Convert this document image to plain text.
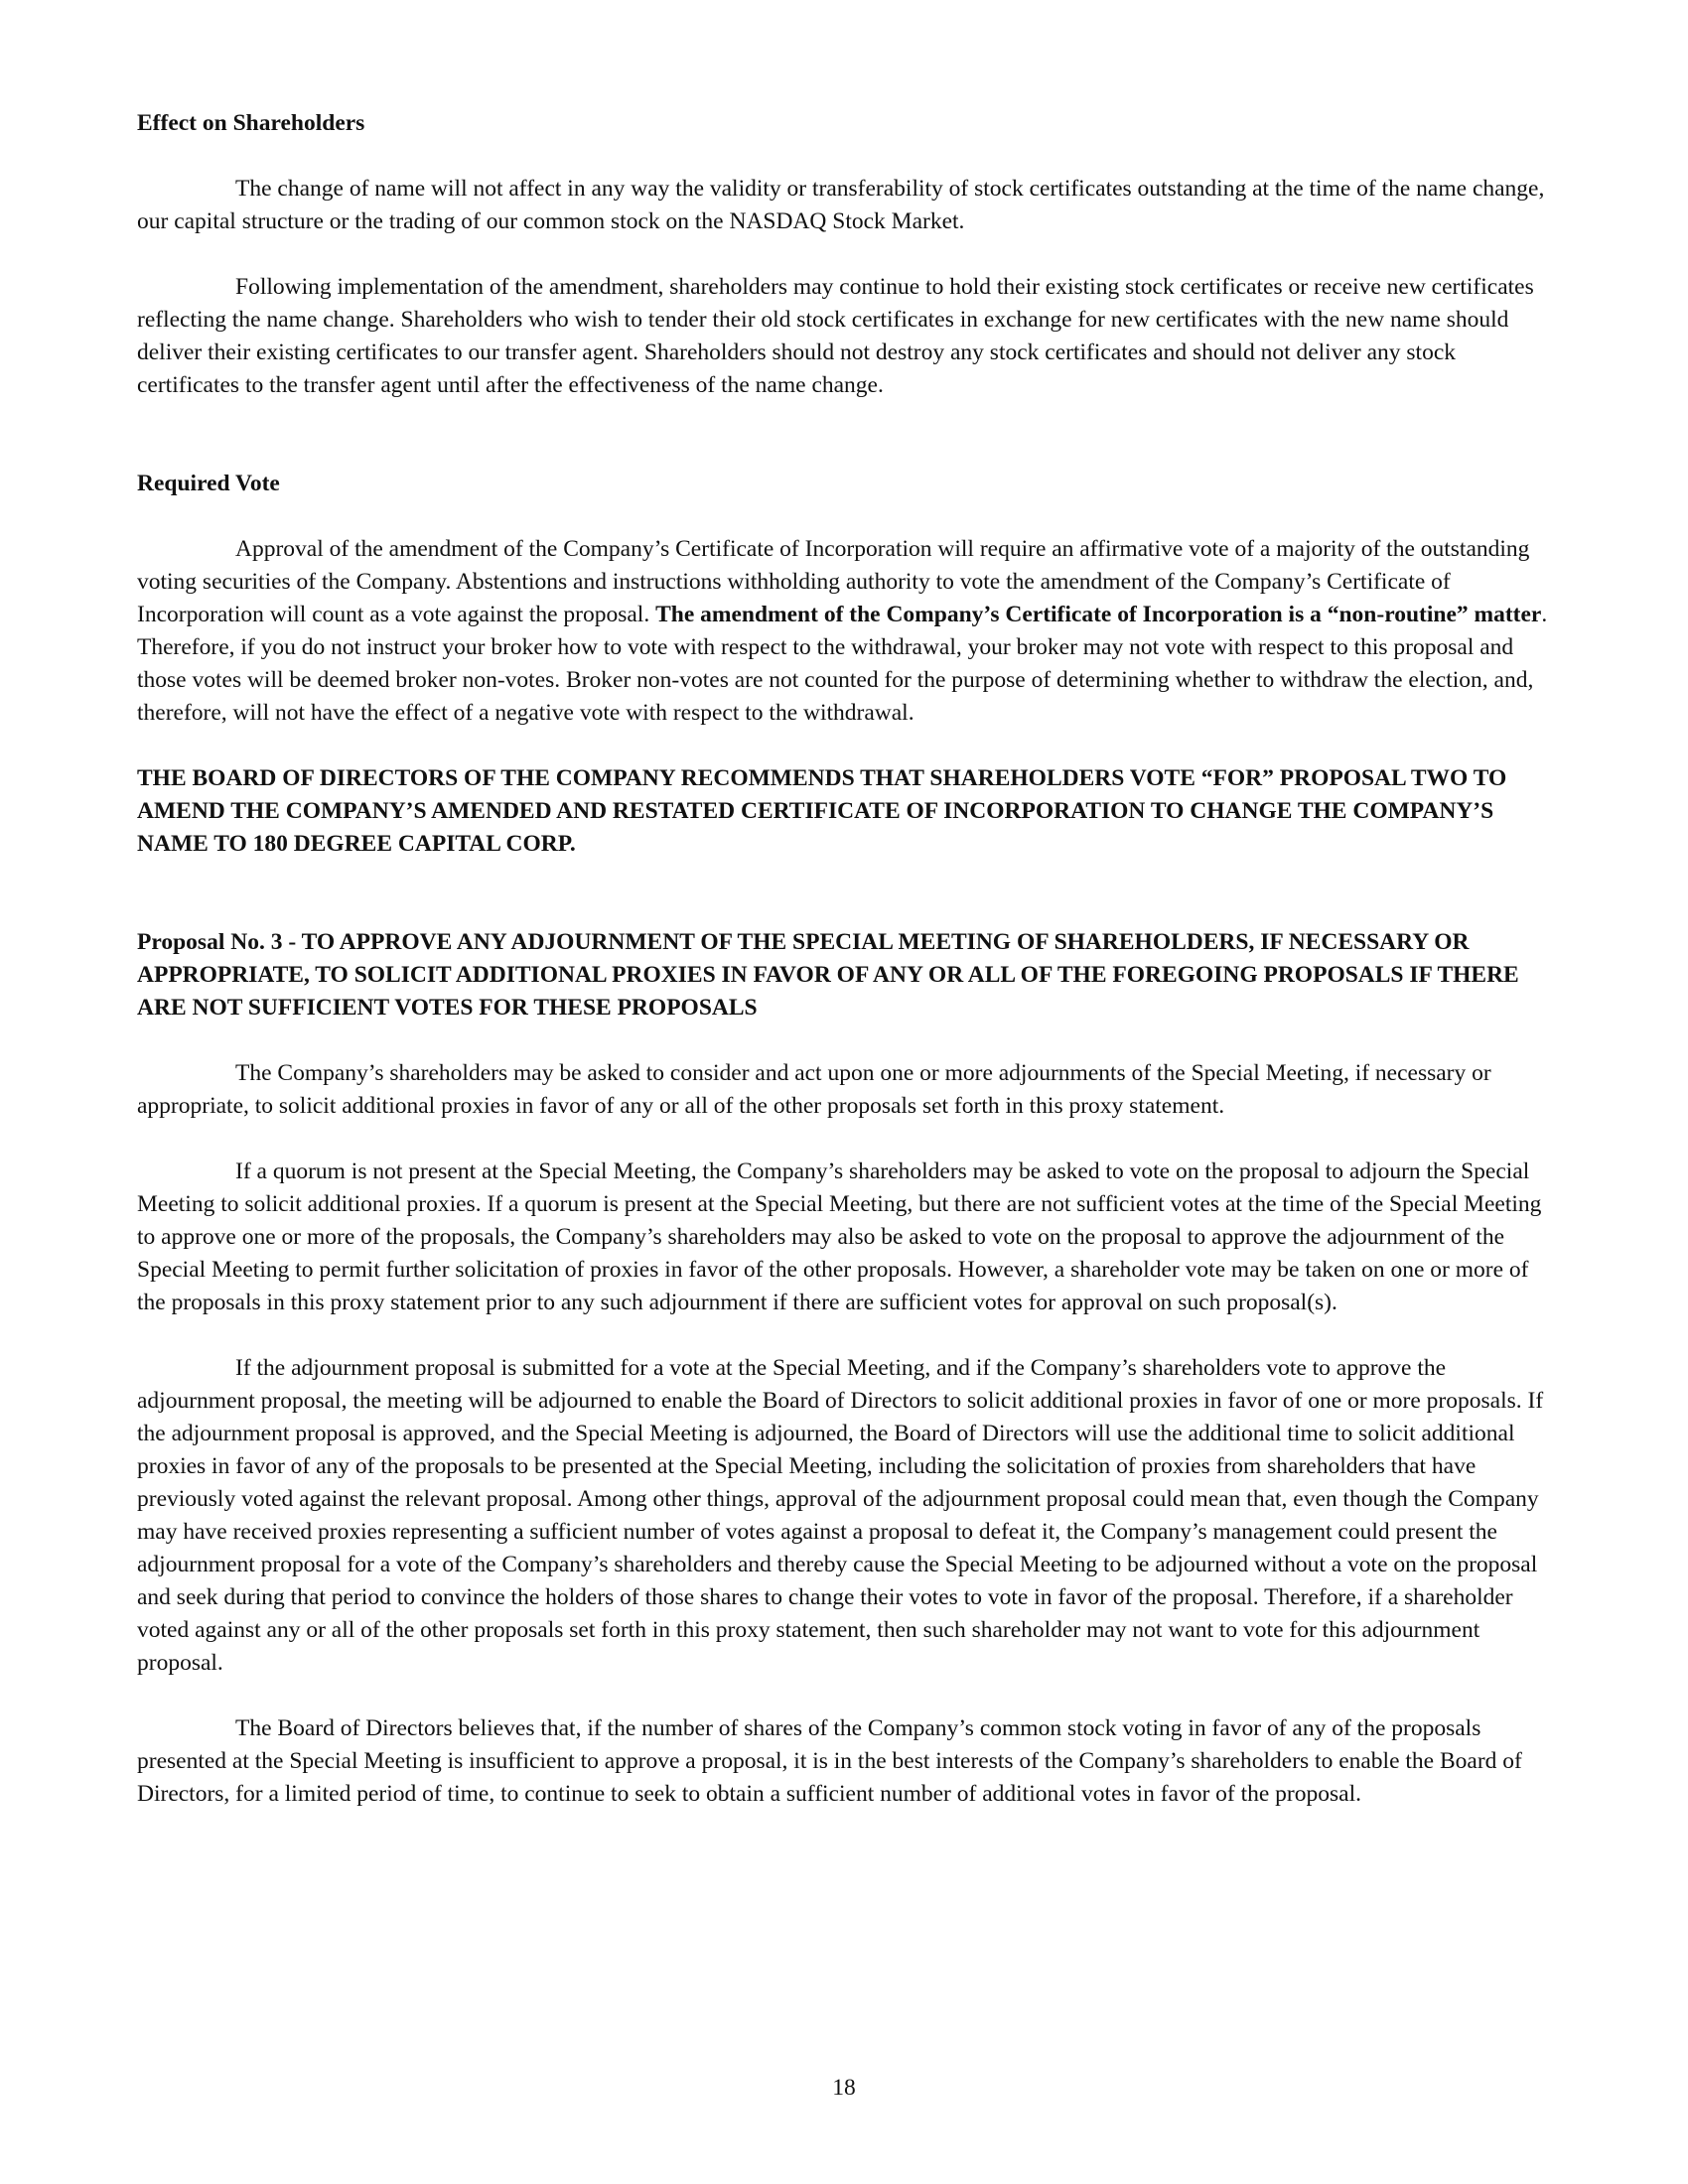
Effect on Shareholders

The change of name will not affect in any way the validity or transferability of stock certificates outstanding at the time of the name change, our capital structure or the trading of our common stock on the NASDAQ Stock Market.

Following implementation of the amendment, shareholders may continue to hold their existing stock certificates or receive new certificates reflecting the name change. Shareholders who wish to tender their old stock certificates in exchange for new certificates with the new name should deliver their existing certificates to our transfer agent. Shareholders should not destroy any stock certificates and should not deliver any stock certificates to the transfer agent until after the effectiveness of the name change.

Required Vote

Approval of the amendment of the Company’s Certificate of Incorporation will require an affirmative vote of a majority of the outstanding voting securities of the Company. Abstentions and instructions withholding authority to vote the amendment of the Company’s Certificate of Incorporation will count as a vote against the proposal. The amendment of the Company’s Certificate of Incorporation is a “non-routine” matter. Therefore, if you do not instruct your broker how to vote with respect to the withdrawal, your broker may not vote with respect to this proposal and those votes will be deemed broker non-votes. Broker non-votes are not counted for the purpose of determining whether to withdraw the election, and, therefore, will not have the effect of a negative vote with respect to the withdrawal.

THE BOARD OF DIRECTORS OF THE COMPANY RECOMMENDS THAT SHAREHOLDERS VOTE “FOR” PROPOSAL TWO TO AMEND THE COMPANY’S AMENDED AND RESTATED CERTIFICATE OF INCORPORATION TO CHANGE THE COMPANY’S NAME TO 180 DEGREE CAPITAL CORP.

Proposal No. 3 - TO APPROVE ANY ADJOURNMENT OF THE SPECIAL MEETING OF SHAREHOLDERS, IF NECESSARY OR APPROPRIATE, TO SOLICIT ADDITIONAL PROXIES IN FAVOR OF ANY OR ALL OF THE FOREGOING PROPOSALS IF THERE ARE NOT SUFFICIENT VOTES FOR THESE PROPOSALS

The Company’s shareholders may be asked to consider and act upon one or more adjournments of the Special Meeting, if necessary or appropriate, to solicit additional proxies in favor of any or all of the other proposals set forth in this proxy statement.

If a quorum is not present at the Special Meeting, the Company’s shareholders may be asked to vote on the proposal to adjourn the Special Meeting to solicit additional proxies. If a quorum is present at the Special Meeting, but there are not sufficient votes at the time of the Special Meeting to approve one or more of the proposals, the Company’s shareholders may also be asked to vote on the proposal to approve the adjournment of the Special Meeting to permit further solicitation of proxies in favor of the other proposals. However, a shareholder vote may be taken on one or more of the proposals in this proxy statement prior to any such adjournment if there are sufficient votes for approval on such proposal(s).

If the adjournment proposal is submitted for a vote at the Special Meeting, and if the Company’s shareholders vote to approve the adjournment proposal, the meeting will be adjourned to enable the Board of Directors to solicit additional proxies in favor of one or more proposals. If the adjournment proposal is approved, and the Special Meeting is adjourned, the Board of Directors will use the additional time to solicit additional proxies in favor of any of the proposals to be presented at the Special Meeting, including the solicitation of proxies from shareholders that have previously voted against the relevant proposal. Among other things, approval of the adjournment proposal could mean that, even though the Company may have received proxies representing a sufficient number of votes against a proposal to defeat it, the Company’s management could present the adjournment proposal for a vote of the Company’s shareholders and thereby cause the Special Meeting to be adjourned without a vote on the proposal and seek during that period to convince the holders of those shares to change their votes to vote in favor of the proposal. Therefore, if a shareholder voted against any or all of the other proposals set forth in this proxy statement, then such shareholder may not want to vote for this adjournment proposal.

The Board of Directors believes that, if the number of shares of the Company’s common stock voting in favor of any of the proposals presented at the Special Meeting is insufficient to approve a proposal, it is in the best interests of the Company’s shareholders to enable the Board of Directors, for a limited period of time, to continue to seek to obtain a sufficient number of additional votes in favor of the proposal.

18
